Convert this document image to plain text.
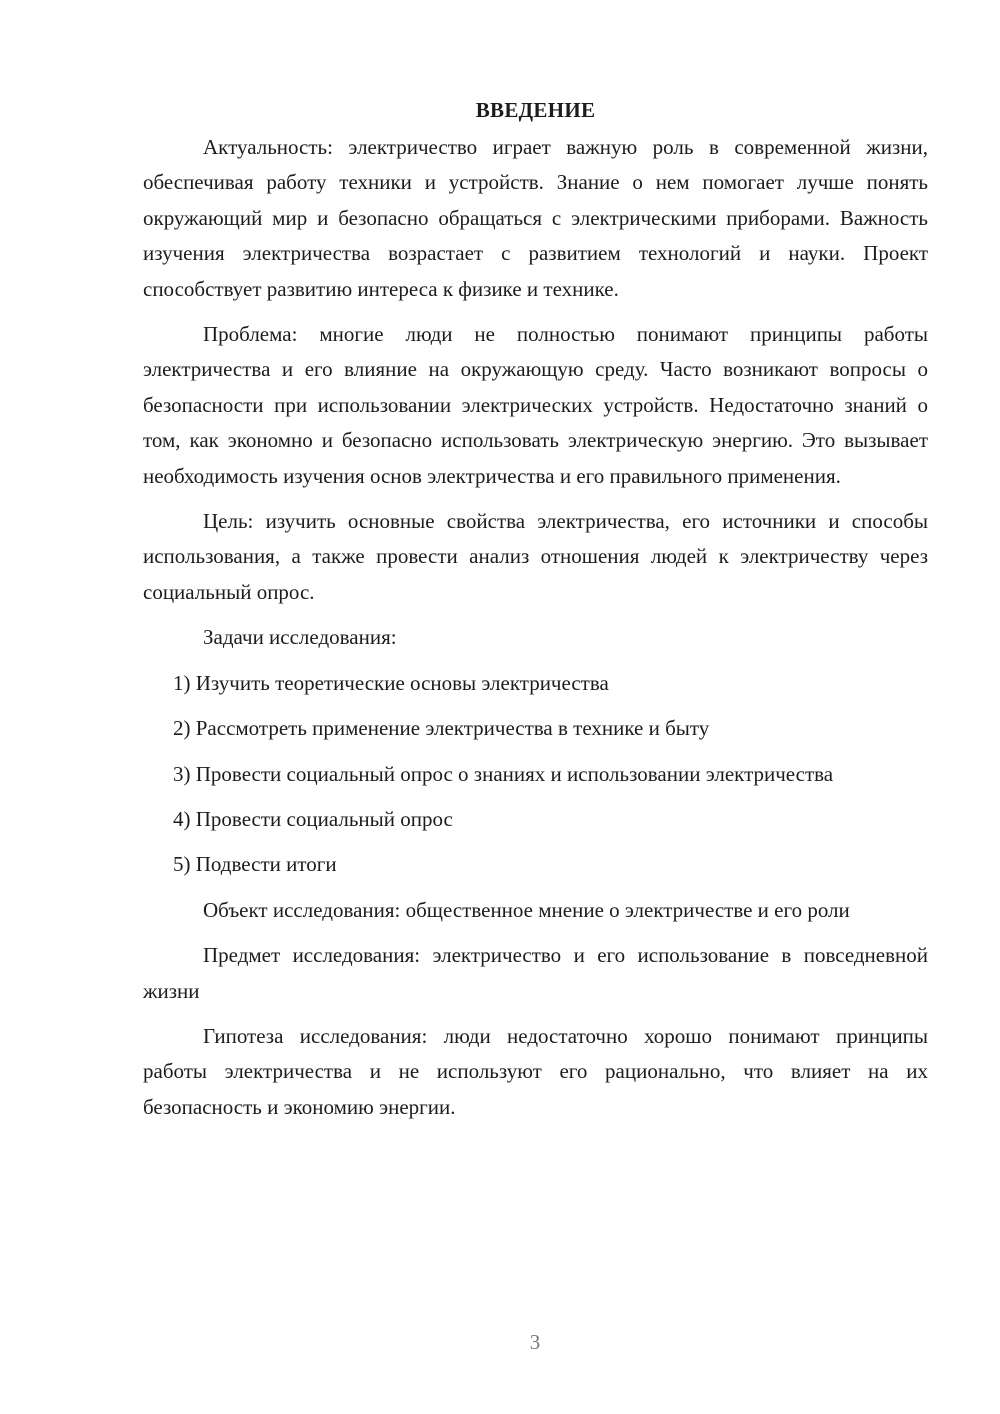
ВВЕДЕНИЕ

Актуальность: электричество играет важную роль в современной жизни, обеспечивая работу техники и устройств. Знание о нем помогает лучше понять окружающий мир и безопасно обращаться с электрическими приборами. Важность изучения электричества возрастает с развитием технологий и науки. Проект способствует развитию интереса к физике и технике.

Проблема: многие люди не полностью понимают принципы работы электричества и его влияние на окружающую среду. Часто возникают вопросы о безопасности при использовании электрических устройств. Недостаточно знаний о том, как экономно и безопасно использовать электрическую энергию. Это вызывает необходимость изучения основ электричества и его правильного применения.

Цель: изучить основные свойства электричества, его источники и способы использования, а также провести анализ отношения людей к электричеству через социальный опрос.

Задачи исследования:

1) Изучить теоретические основы электричества

2) Рассмотреть применение электричества в технике и быту

3) Провести социальный опрос о знаниях и использовании электричества

4) Провести социальный опрос

5) Подвести итоги

Объект исследования: общественное мнение о электричестве и его роли

Предмет исследования: электричество и его использование в повседневной жизни

Гипотеза исследования: люди недостаточно хорошо понимают принципы работы электричества и не используют его рационально, что влияет на их безопасность и экономию энергии.

3
